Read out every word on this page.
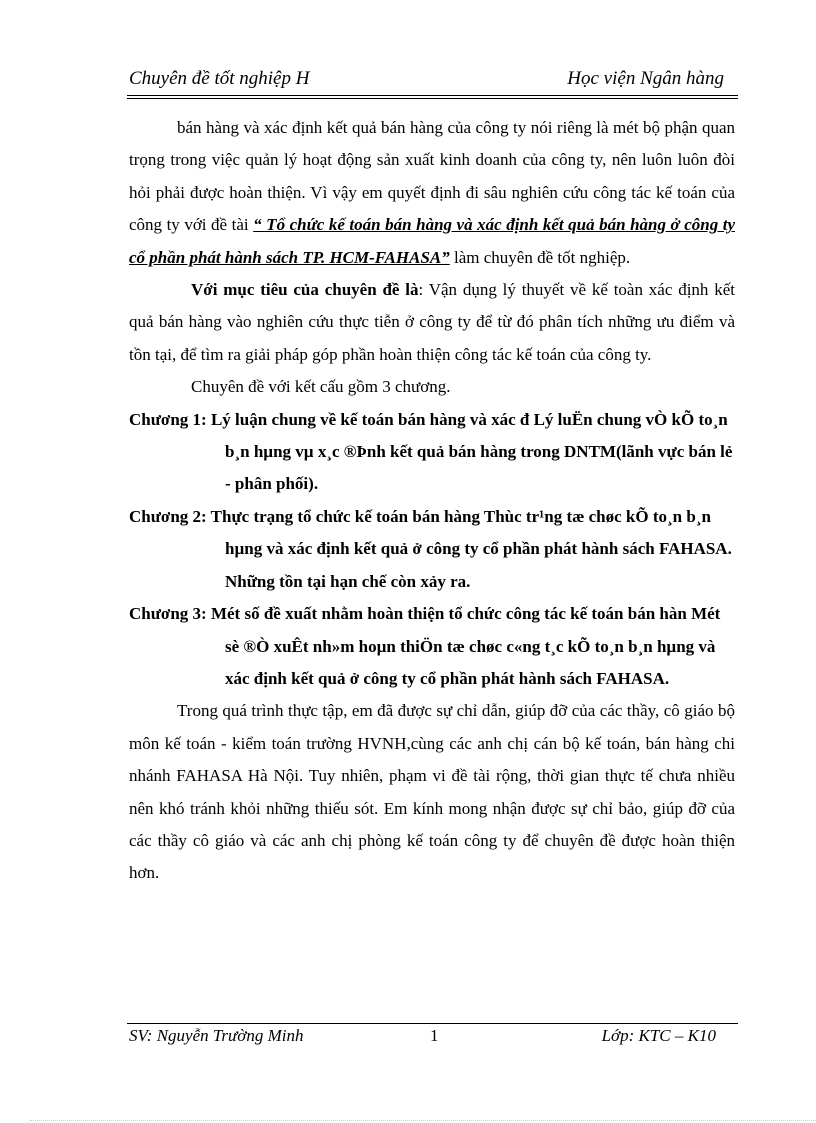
Chuyên đề tốt nghiệp H	Học viện Ngân hàng

bán hàng và xác định kết quả bán hàng của công ty nói riêng là mét bộ phận quan trọng trong việc quản lý hoạt động sản xuất kinh doanh của công ty, nên luôn luôn đòi hỏi phải được hoàn thiện. Vì vậy em quyết định đi sâu nghiên cứu công tác kế toán của công ty với đề tài “ Tổ chức kế toán bán hàng và xác định kết quả bán hàng ở công ty cổ phần phát hành sách TP. HCM-FAHASA” làm chuyên đề tốt nghiệp.

Với mục tiêu của chuyên đề là: Vận dụng lý thuyết về kế toàn xác định kết quả bán hàng vào nghiên cứu thực tiễn ở công ty để từ đó phân tích những ưu điểm và tồn tại, để tìm ra giải pháp góp phần hoàn thiện công tác kế toán của công ty.

Chuyên đề với kết cấu gồm 3 chương.

Chương 1: Lý luận chung về kế toán bán hàng và xác đ Lý luËn chung vÒ kÕ to¸n b¸n hµng vµ x¸c ®Þnh kết quả bán hàng trong DNTM(lãnh vực bán lẻ - phân phối).

Chương 2: Thực trạng tổ chức kế toán bán hàng Thùc tr¹ng tæ chøc kÕ to¸n b¸n hµng và xác định kết quả ở công ty cổ phần phát hành sách FAHASA. Những tồn tại hạn chế còn xảy ra.

Chương 3: Mét số đề xuất nhằm hoàn thiện tổ chức công tác kế toán bán hàn Mét sè ®Ò xuÊt nh»m hoµn thiÖn tæ chøc c«ng t¸c kÕ to¸n b¸n hµng và xác định kết quả ở công ty cổ phần phát hành sách FAHASA.

Trong quá trình thực tập, em đã được sự chỉ dẫn, giúp đỡ của các thầy, cô giáo bộ môn kế toán - kiểm toán trường HVNH,cùng các anh chị cán bộ kế toán, bán hàng chi nhánh FAHASA Hà Nội. Tuy nhiên, phạm vi đề tài rộng, thời gian thực tế chưa nhiều nên khó tránh khỏi những thiếu sót. Em kính mong nhận được sự chỉ bảo, giúp đỡ của các thầy cô giáo và các anh chị phòng kế toán công ty để chuyên đề được hoàn thiện hơn.

SV: Nguyễn Trường Minh	1	Lớp: KTC – K10
